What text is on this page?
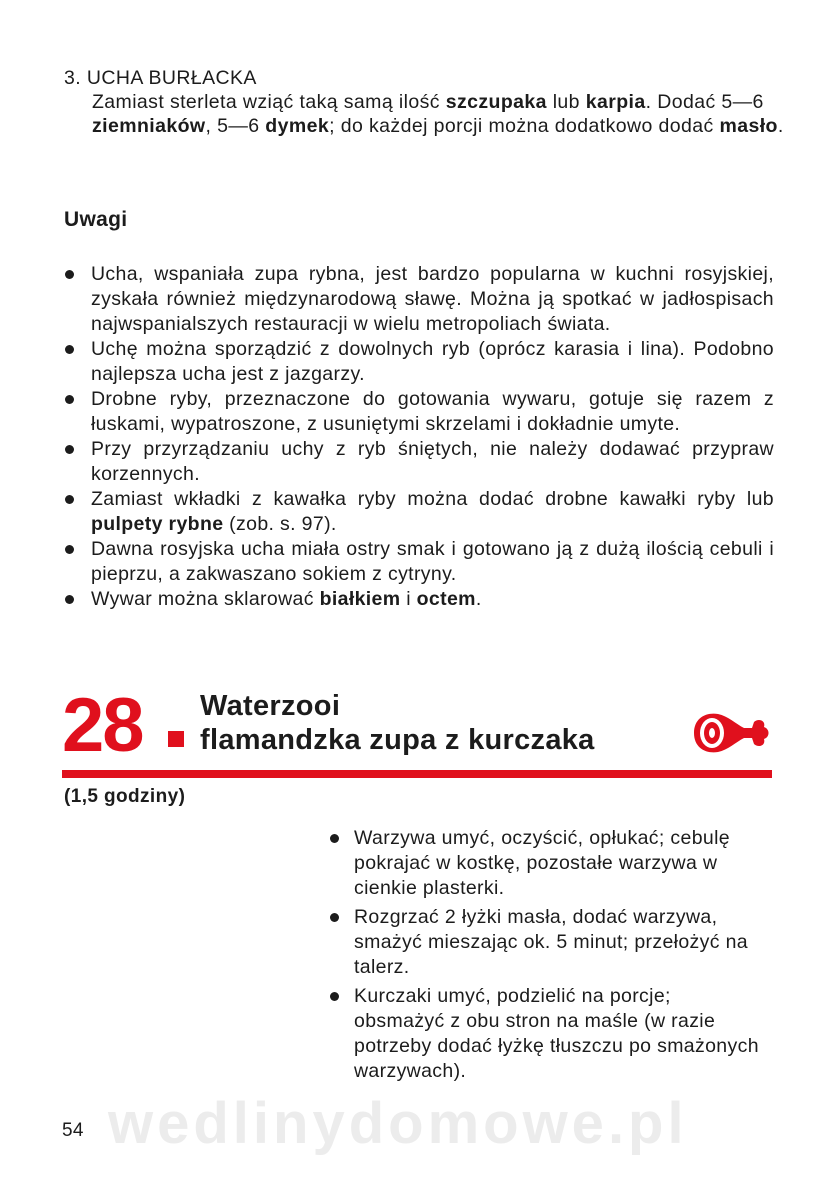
3. UCHA BURŁACKA
Zamiast sterleta wziąć taką samą ilość szczupaka lub karpia. Dodać 5—6 ziemniaków, 5—6 dymek; do każdej porcji można dodatkowo dodać masło.
Uwagi
Ucha, wspaniała zupa rybna, jest bardzo popularna w kuchni rosyjskiej, zyskała również międzynarodową sławę. Można ją spotkać w jadłospisach najwspanialszych restauracji w wielu metropoliach świata.
Uchę można sporządzić z dowolnych ryb (oprócz karasia i lina). Podobno najlepsza ucha jest z jazgarzy.
Drobne ryby, przeznaczone do gotowania wywaru, gotuje się razem z łuskami, wypatroszone, z usuniętymi skrzelami i dokładnie umyte.
Przy przyrządzaniu uchy z ryb śniętych, nie należy dodawać przypraw korzennych.
Zamiast wkładki z kawałka ryby można dodać drobne kawałki ryby lub pulpety rybne (zob. s. 97).
Dawna rosyjska ucha miała ostry smak i gotowano ją z dużą ilością cebuli i pieprzu, a zakwaszano sokiem z cytryny.
Wywar można sklarować białkiem i octem.
28 Waterzooi
flamandzka zupa z kurczaka
(1,5 godziny)
Warzywa umyć, oczyścić, opłukać; cebulę pokrajać w kostkę, pozostałe warzywa w cienkie plasterki.
Rozgrzać 2 łyżki masła, dodać warzywa, smażyć mieszając ok. 5 minut; przełożyć na talerz.
Kurczaki umyć, podzielić na porcje; obsmażyć z obu stron na maśle (w razie potrzeby dodać łyżkę tłuszczu po smażonych warzywach).
wedlinydomowe.pl
54
